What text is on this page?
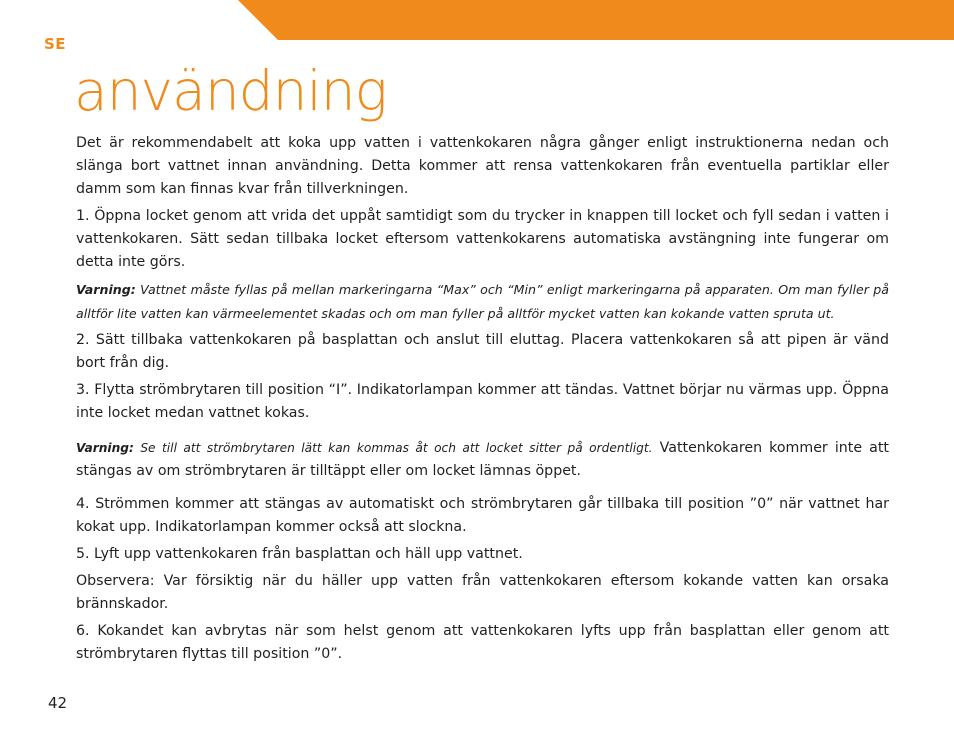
SE
användning

Det är rekommendabelt att koka upp vatten i vattenkokaren några gånger enligt instruktionerna nedan och slänga bort vattnet innan användning. Detta kommer att rensa vattenkokaren från eventuella partiklar eller damm som kan finnas kvar från tillverkningen.

1. Öppna locket genom att vrida det uppåt samtidigt som du trycker in knappen till locket och fyll sedan i vatten i vattenkokaren. Sätt sedan tillbaka locket eftersom vattenkokarens automatiska avstängning inte fungerar om detta inte görs.

Varning: Vattnet måste fyllas på mellan markeringarna “Max” och “Min” enligt markeringarna på apparaten. Om man fyller på alltför lite vatten kan värmeelementet skadas och om man fyller på alltför mycket vatten kan kokande vatten spruta ut.

2. Sätt tillbaka vattenkokaren på basplattan och anslut till eluttag. Placera vattenkokaren så att pipen är vänd bort från dig.

3. Flytta strömbrytaren till position “I”. Indikatorlampan kommer att tändas. Vattnet börjar nu värmas upp. Öppna inte locket medan vattnet kokas.

Varning: Se till att strömbrytaren lätt kan kommas åt och att locket sitter på ordentligt. Vattenkokaren kommer inte att stängas av om strömbrytaren är tilltäppt eller om locket lämnas öppet.

4. Strömmen kommer att stängas av automatiskt och strömbrytaren går tillbaka till position ”0” när vattnet har kokat upp. Indikatorlampan kommer också att slockna.

5. Lyft upp vattenkokaren från basplattan och häll upp vattnet.

Observera: Var försiktig när du häller upp vatten från vattenkokaren eftersom kokande vatten kan orsaka brännskador.

6. Kokandet kan avbrytas när som helst genom att vattenkokaren lyfts upp från basplattan eller genom att strömbrytaren flyttas till position ”0”.

42
